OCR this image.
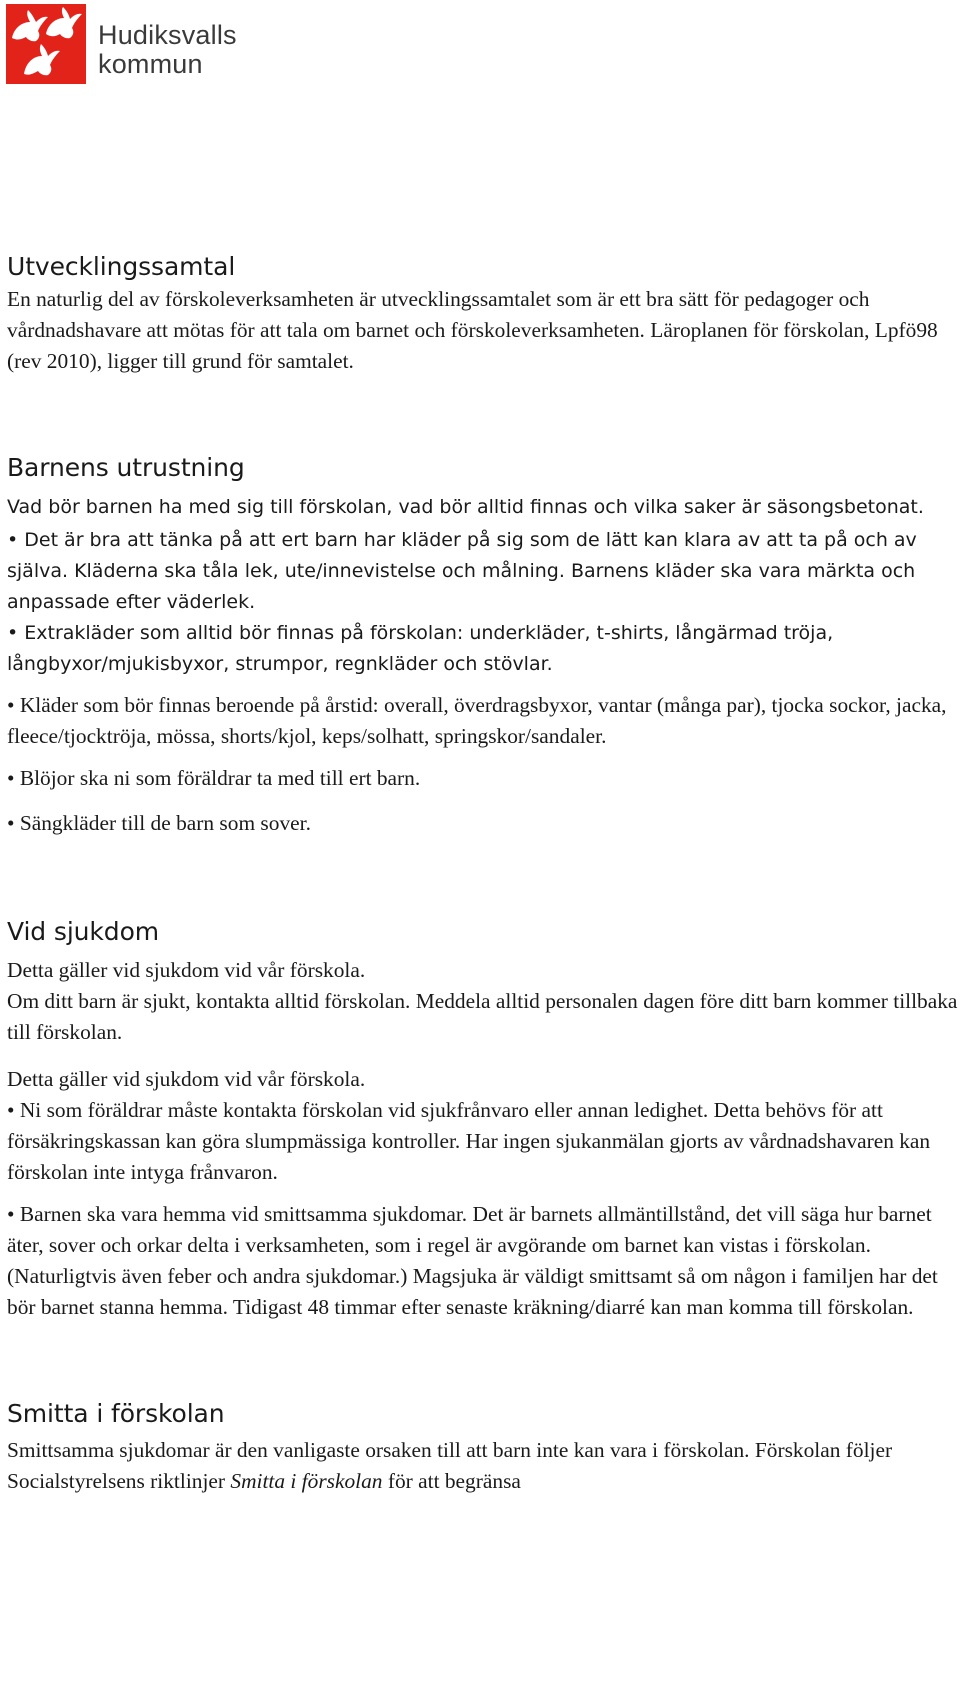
Hudiksvalls
kommun
Utvecklingssamtal

En naturlig del av förskoleverksamheten är utvecklingssamtalet som är ett bra sätt för pedagoger och vårdnadshavare att mötas för att tala om barnet och förskoleverksamheten. Läroplanen för förskolan, Lpfö98 (rev 2010), ligger till grund för samtalet.

Barnens utrustning

Vad bör barnen ha med sig till förskolan, vad bör alltid finnas och vilka saker är säsongsbetonat.

• Det är bra att tänka på att ert barn har kläder på sig som de lätt kan klara av att ta på och av själva. Kläderna ska tåla lek, ute/innevistelse och målning. Barnens kläder ska vara märkta och anpassade efter väderlek.

• Extrakläder som alltid bör finnas på förskolan: underkläder, t-shirts, långärmad tröja, långbyxor/mjukisbyxor, strumpor, regnkläder och stövlar.

• Kläder som bör finnas beroende på årstid: overall, överdragsbyxor, vantar (många par), tjocka sockor, jacka, fleece/tjocktröja, mössa, shorts/kjol, keps/solhatt, springskor/sandaler.

• Blöjor ska ni som föräldrar ta med till ert barn.

• Sängkläder till de barn som sover.

Vid sjukdom

Detta gäller vid sjukdom vid vår förskola.

Om ditt barn är sjukt, kontakta alltid förskolan. Meddela alltid personalen dagen före ditt barn kommer tillbaka till förskolan.

Detta gäller vid sjukdom vid vår förskola.

• Ni som föräldrar måste kontakta förskolan vid sjukfrånvaro eller annan ledighet. Detta behövs för att försäkringskassan kan göra slumpmässiga kontroller. Har ingen sjukanmälan gjorts av vårdnadshavaren kan förskolan inte intyga frånvaron.

• Barnen ska vara hemma vid smittsamma sjukdomar. Det är barnets allmäntillstånd, det vill säga hur barnet äter, sover och orkar delta i verksamheten, som i regel är avgörande om barnet kan vistas i förskolan. (Naturligtvis även feber och andra sjukdomar.) Magsjuka är väldigt smittsamt så om någon i familjen har det bör barnet stanna hemma. Tidigast 48 timmar efter senaste kräkning/diarré kan man komma till förskolan.

Smitta i förskolan

Smittsamma sjukdomar är den vanligaste orsaken till att barn inte kan vara i förskolan. Förskolan följer Socialstyrelsens riktlinjer Smitta i förskolan för att begränsa
